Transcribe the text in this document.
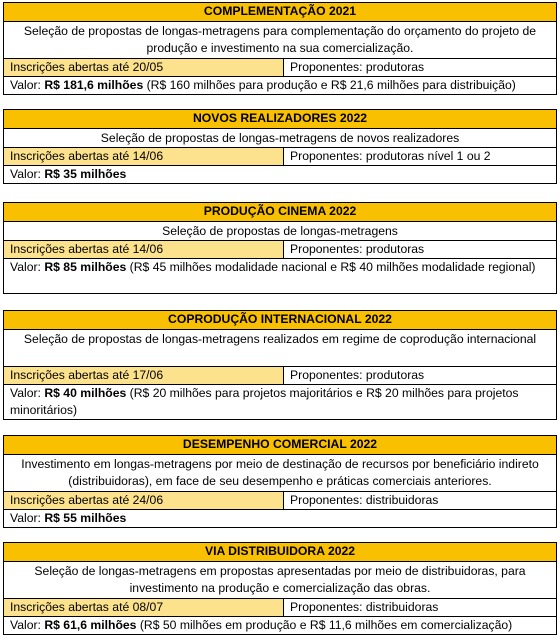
COMPLEMENTAÇÃO 2021
Seleção de propostas de longas-metragens para complementação do orçamento do projeto de produção e investimento na sua comercialização.
Inscrições abertas até 20/05	Proponentes: produtoras
Valor: R$ 181,6 milhões (R$ 160 milhões para produção e R$ 21,6 milhões para distribuição)
NOVOS REALIZADORES 2022
Seleção de propostas de longas-metragens de novos realizadores
Inscrições abertas até 14/06	Proponentes: produtoras nível 1 ou 2
Valor: R$ 35 milhões
PRODUÇÃO CINEMA 2022
Seleção de propostas de longas-metragens
Inscrições abertas até 14/06	Proponentes: produtoras
Valor: R$ 85 milhões (R$ 45 milhões modalidade nacional e R$ 40 milhões modalidade regional)
COPRODUÇÃO INTERNACIONAL 2022
Seleção de propostas de longas-metragens realizados em regime de coprodução internacional
Inscrições abertas até 17/06	Proponentes: produtoras
Valor: R$ 40 milhões (R$ 20 milhões para projetos majoritários e R$ 20 milhões para projetos minoritários)
DESEMPENHO COMERCIAL 2022
Investimento em longas-metragens por meio de destinação de recursos por beneficiário indireto (distribuidoras), em face de seu desempenho e práticas comerciais anteriores.
Inscrições abertas até 24/06	Proponentes: distribuidoras
Valor: R$ 55 milhões
VIA DISTRIBUIDORA 2022
Seleção de longas-metragens em propostas apresentadas por meio de distribuidoras, para investimento na produção e comercialização das obras.
Inscrições abertas até 08/07	Proponentes: distribuidoras
Valor: R$ 61,6 milhões (R$ 50 milhões em produção e R$ 11,6 milhões em comercialização)
